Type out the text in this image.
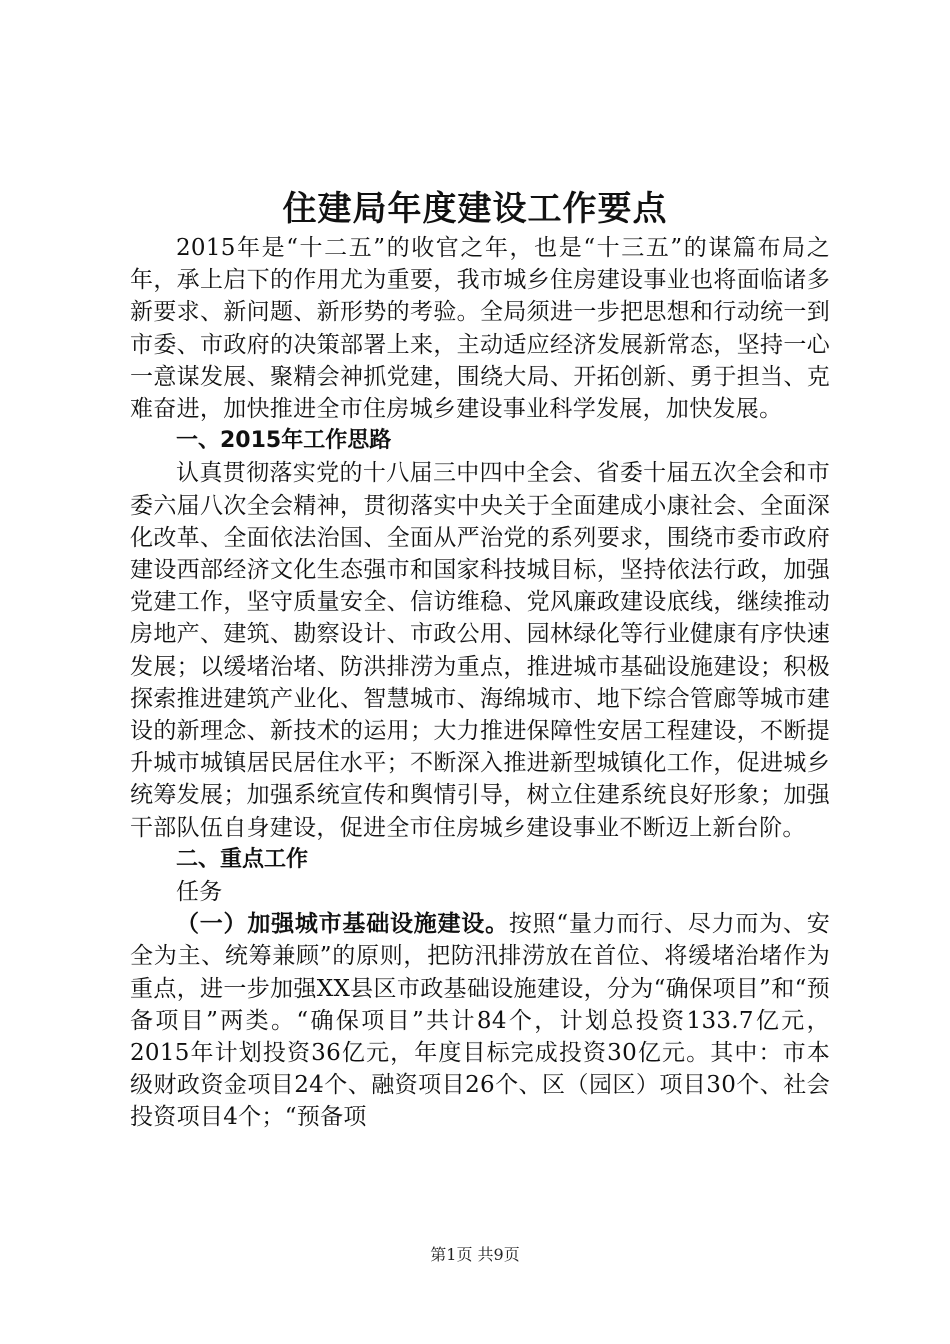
住建局年度建设工作要点

2015年是“十二五”的收官之年，也是“十三五”的谋篇布局之年，承上启下的作用尤为重要，我市城乡住房建设事业也将面临诸多新要求、新问题、新形势的考验。全局须进一步把思想和行动统一到市委、市政府的决策部署上来，主动适应经济发展新常态，坚持一心一意谋发展、聚精会神抓党建，围绕大局、开拓创新、勇于担当、克难奋进，加快推进全市住房城乡建设事业科学发展，加快发展。

一、2015年工作思路

认真贯彻落实党的十八届三中四中全会、省委十届五次全会和市委六届八次全会精神，贯彻落实中央关于全面建成小康社会、全面深化改革、全面依法治国、全面从严治党的系列要求，围绕市委市政府建设西部经济文化生态强市和国家科技城目标，坚持依法行政，加强党建工作，坚守质量安全、信访维稳、党风廉政建设底线，继续推动房地产、建筑、勘察设计、市政公用、园林绿化等行业健康有序快速发展；以缓堵治堵、防洪排涝为重点，推进城市基础设施建设；积极探索推进建筑产业化、智慧城市、海绵城市、地下综合管廊等城市建设的新理念、新技术的运用；大力推进保障性安居工程建设，不断提升城市城镇居民居住水平；不断深入推进新型城镇化工作，促进城乡统筹发展；加强系统宣传和舆情引导，树立住建系统良好形象；加强干部队伍自身建设，促进全市住房城乡建设事业不断迈上新台阶。

二、重点工作

任务

（一）加强城市基础设施建设。按照“量力而行、尽力而为、安全为主、统筹兼顾”的原则，把防汛排涝放在首位、将缓堵治堵作为重点，进一步加强XX县区市政基础设施建设，分为“确保项目”和“预备项目”两类。“确保项目”共计84个，计划总投资133.7亿元，2015年计划投资36亿元，年度目标完成投资30亿元。其中：市本级财政资金项目24个、融资项目26个、区（园区）项目30个、社会投资项目4个；“预备项

第1页 共9页
